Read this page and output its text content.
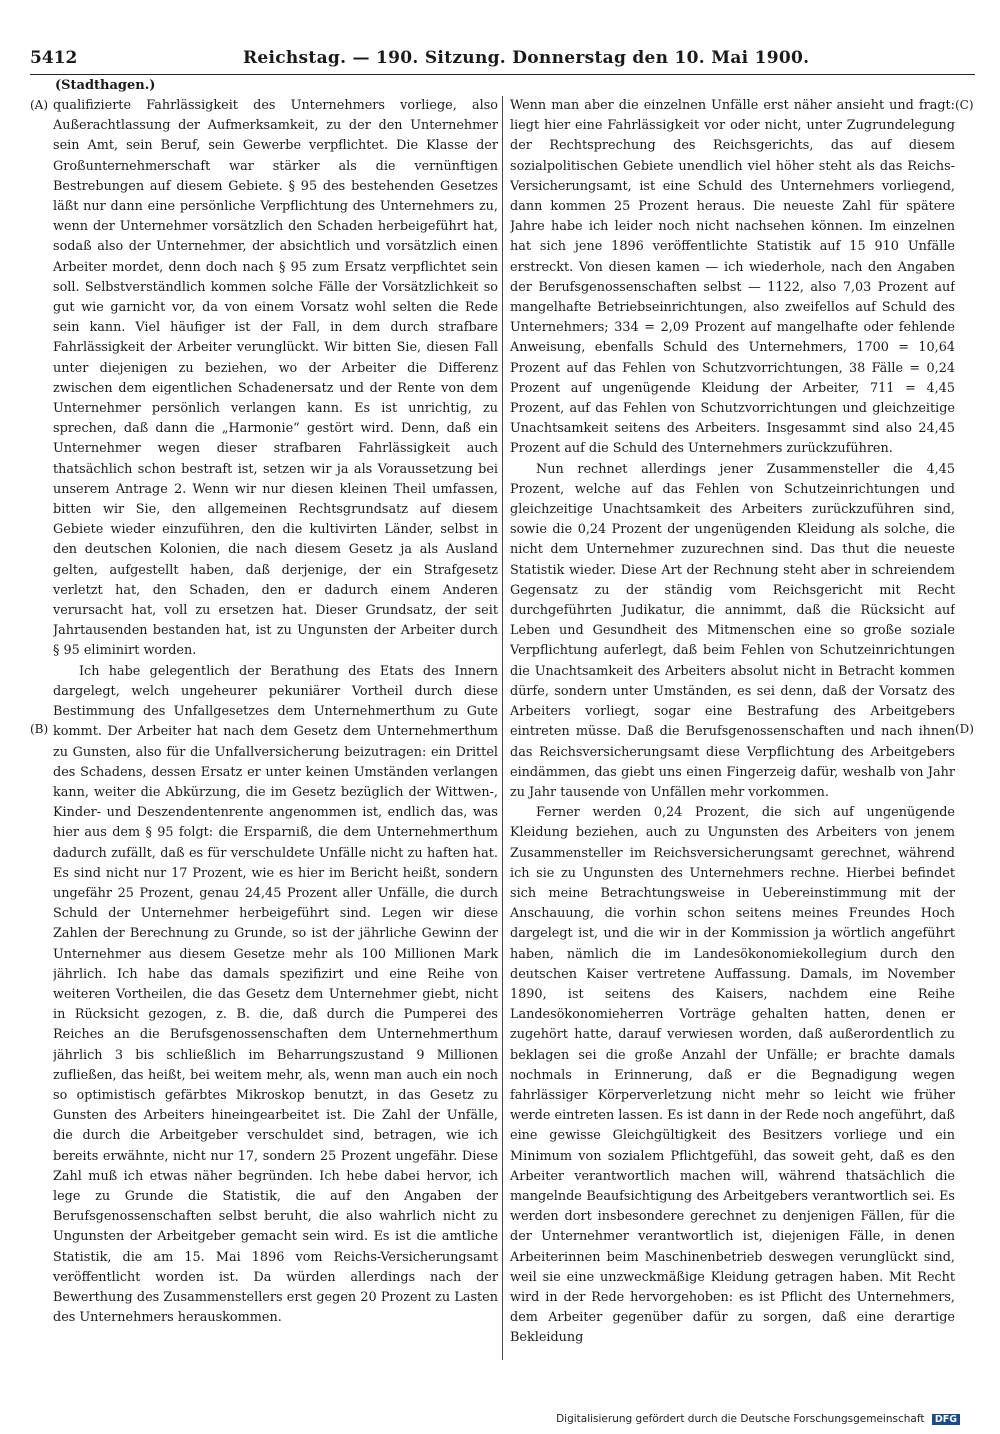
5412	Reichstag. — 190. Sitzung. Donnerstag den 10. Mai 1900.
(Stadthagen.)
(A)
(B)
(C)
(D)

qualifizierte Fahrlässigkeit des Unternehmers vorliege, also Außerachtlassung der Aufmerksamkeit, zu der den Unternehmer sein Amt, sein Beruf, sein Gewerbe verpflichtet. Die Klasse der Großunternehmerschaft war stärker als die vernünftigen Bestrebungen auf diesem Gebiete. § 95 des bestehenden Gesetzes läßt nur dann eine persönliche Verpflichtung des Unternehmers zu, wenn der Unternehmer vorsätzlich den Schaden herbeigeführt hat, sodaß also der Unternehmer, der absichtlich und vorsätzlich einen Arbeiter mordet, denn doch nach § 95 zum Ersatz verpflichtet sein soll. Selbstverständlich kommen solche Fälle der Vorsätzlichkeit so gut wie garnicht vor, da von einem Vorsatz wohl selten die Rede sein kann. Viel häufiger ist der Fall, in dem durch strafbare Fahrlässigkeit der Arbeiter verunglückt. Wir bitten Sie, diesen Fall unter diejenigen zu beziehen, wo der Arbeiter die Differenz zwischen dem eigentlichen Schadenersatz und der Rente von dem Unternehmer persönlich verlangen kann. Es ist unrichtig, zu sprechen, daß dann die „Harmonie“ gestört wird. Denn, daß ein Unternehmer wegen dieser strafbaren Fahrlässigkeit auch thatsächlich schon bestraft ist, setzen wir ja als Voraussetzung bei unserem Antrage 2. Wenn wir nur diesen kleinen Theil umfassen, bitten wir Sie, den allgemeinen Rechtsgrundsatz auf diesem Gebiete wieder einzuführen, den die kultivirten Länder, selbst in den deutschen Kolonien, die nach diesem Gesetz ja als Ausland gelten, aufgestellt haben, daß derjenige, der ein Strafgesetz verletzt hat, den Schaden, den er dadurch einem Anderen verursacht hat, voll zu ersetzen hat. Dieser Grundsatz, der seit Jahrtausenden bestanden hat, ist zu Ungunsten der Arbeiter durch § 95 eliminirt worden.

Ich habe gelegentlich der Berathung des Etats des Innern dargelegt, welch ungeheurer pekuniärer Vortheil durch diese Bestimmung des Unfallgesetzes dem Unternehmerthum zu Gute kommt. Der Arbeiter hat nach dem Gesetz dem Unternehmerthum zu Gunsten, also für die Unfallversicherung beizutragen: ein Drittel des Schadens, dessen Ersatz er unter keinen Umständen verlangen kann, weiter die Abkürzung, die im Gesetz bezüglich der Wittwen-, Kinder- und Deszendentenrente angenommen ist, endlich das, was hier aus dem § 95 folgt: die Ersparniß, die dem Unternehmerthum dadurch zufällt, daß es für verschuldete Unfälle nicht zu haften hat. Es sind nicht nur 17 Prozent, wie es hier im Bericht heißt, sondern ungefähr 25 Prozent, genau 24,45 Prozent aller Unfälle, die durch Schuld der Unternehmer herbeigeführt sind. Legen wir diese Zahlen der Berechnung zu Grunde, so ist der jährliche Gewinn der Unternehmer aus diesem Gesetze mehr als 100 Millionen Mark jährlich. Ich habe das damals spezifizirt und eine Reihe von weiteren Vortheilen, die das Gesetz dem Unternehmer giebt, nicht in Rücksicht gezogen, z. B. die, daß durch die Pumperei des Reiches an die Berufsgenossenschaften dem Unternehmerthum jährlich 3 bis schließlich im Beharrungszustand 9 Millionen zufließen, das heißt, bei weitem mehr, als, wenn man auch ein noch so optimistisch gefärbtes Mikroskop benutzt, in das Gesetz zu Gunsten des Arbeiters hineingearbeitet ist. Die Zahl der Unfälle, die durch die Arbeitgeber verschuldet sind, betragen, wie ich bereits erwähnte, nicht nur 17, sondern 25 Prozent ungefähr. Diese Zahl muß ich etwas näher begründen. Ich hebe dabei hervor, ich lege zu Grunde die Statistik, die auf den Angaben der Berufsgenossenschaften selbst beruht, die also wahrlich nicht zu Ungunsten der Arbeitgeber gemacht sein wird. Es ist die amtliche Statistik, die am 15. Mai 1896 vom Reichs-Versicherungsamt veröffentlicht worden ist. Da würden allerdings nach der Bewerthung des Zusammenstellers erst gegen 20 Prozent zu Lasten des Unternehmers herauskommen.

Wenn man aber die einzelnen Unfälle erst näher ansieht und fragt: liegt hier eine Fahrlässigkeit vor oder nicht, unter Zugrundelegung der Rechtsprechung des Reichsgerichts, das auf diesem sozialpolitischen Gebiete unendlich viel höher steht als das Reichs-Versicherungsamt, ist eine Schuld des Unternehmers vorliegend, dann kommen 25 Prozent heraus. Die neueste Zahl für spätere Jahre habe ich leider noch nicht nachsehen können. Im einzelnen hat sich jene 1896 veröffentlichte Statistik auf 15 910 Unfälle erstreckt. Von diesen kamen — ich wiederhole, nach den Angaben der Berufsgenossenschaften selbst — 1122, also 7,03 Prozent auf mangelhafte Betriebseinrichtungen, also zweifellos auf Schuld des Unternehmers; 334 = 2,09 Prozent auf mangelhafte oder fehlende Anweisung, ebenfalls Schuld des Unternehmers, 1700 = 10,64 Prozent auf das Fehlen von Schutzvorrichtungen, 38 Fälle = 0,24 Prozent auf ungenügende Kleidung der Arbeiter, 711 = 4,45 Prozent, auf das Fehlen von Schutzvorrichtungen und gleichzeitige Unachtsamkeit seitens des Arbeiters. Insgesammt sind also 24,45 Prozent auf die Schuld des Unternehmers zurückzuführen.

Nun rechnet allerdings jener Zusammensteller die 4,45 Prozent, welche auf das Fehlen von Schutzeinrichtungen und gleichzeitige Unachtsamkeit des Arbeiters zurückzuführen sind, sowie die 0,24 Prozent der ungenügenden Kleidung als solche, die nicht dem Unternehmer zuzurechnen sind. Das thut die neueste Statistik wieder. Diese Art der Rechnung steht aber in schreiendem Gegensatz zu der ständig vom Reichsgericht mit Recht durchgeführten Judikatur, die annimmt, daß die Rücksicht auf Leben und Gesundheit des Mitmenschen eine so große soziale Verpflichtung auferlegt, daß beim Fehlen von Schutzeinrichtungen die Unachtsamkeit des Arbeiters absolut nicht in Betracht kommen dürfe, sondern unter Umständen, es sei denn, daß der Vorsatz des Arbeiters vorliegt, sogar eine Bestrafung des Arbeitgebers eintreten müsse. Daß die Berufsgenossenschaften und nach ihnen das Reichsversicherungsamt diese Verpflichtung des Arbeitgebers eindämmen, das giebt uns einen Fingerzeig dafür, weshalb von Jahr zu Jahr tausende von Unfällen mehr vorkommen.

Ferner werden 0,24 Prozent, die sich auf ungenügende Kleidung beziehen, auch zu Ungunsten des Arbeiters von jenem Zusammensteller im Reichsversicherungsamt gerechnet, während ich sie zu Ungunsten des Unternehmers rechne. Hierbei befindet sich meine Betrachtungsweise in Uebereinstimmung mit der Anschauung, die vorhin schon seitens meines Freundes Hoch dargelegt ist, und die wir in der Kommission ja wörtlich angeführt haben, nämlich die im Landesökonomiekollegium durch den deutschen Kaiser vertretene Auffassung. Damals, im November 1890, ist seitens des Kaisers, nachdem eine Reihe Landesökonomieherren Vorträge gehalten hatten, denen er zugehört hatte, darauf verwiesen worden, daß außerordentlich zu beklagen sei die große Anzahl der Unfälle; er brachte damals nochmals in Erinnerung, daß er die Begnadigung wegen fahrlässiger Körperverletzung nicht mehr so leicht wie früher werde eintreten lassen. Es ist dann in der Rede noch angeführt, daß eine gewisse Gleichgültigkeit des Besitzers vorliege und ein Minimum von sozialem Pflichtgefühl, das soweit geht, daß es den Arbeiter verantwortlich machen will, während thatsächlich die mangelnde Beaufsichtigung des Arbeitgebers verantwortlich sei. Es werden dort insbesondere gerechnet zu denjenigen Fällen, für die der Unternehmer verantwortlich ist, diejenigen Fälle, in denen Arbeiterinnen beim Maschinenbetrieb deswegen verunglückt sind, weil sie eine unzweckmäßige Kleidung getragen haben. Mit Recht wird in der Rede hervorgehoben: es ist Pflicht des Unternehmers, dem Arbeiter gegenüber dafür zu sorgen, daß eine derartige Bekleidung

Digitalisierung gefördert durch die Deutsche Forschungsgemeinschaft DFG
